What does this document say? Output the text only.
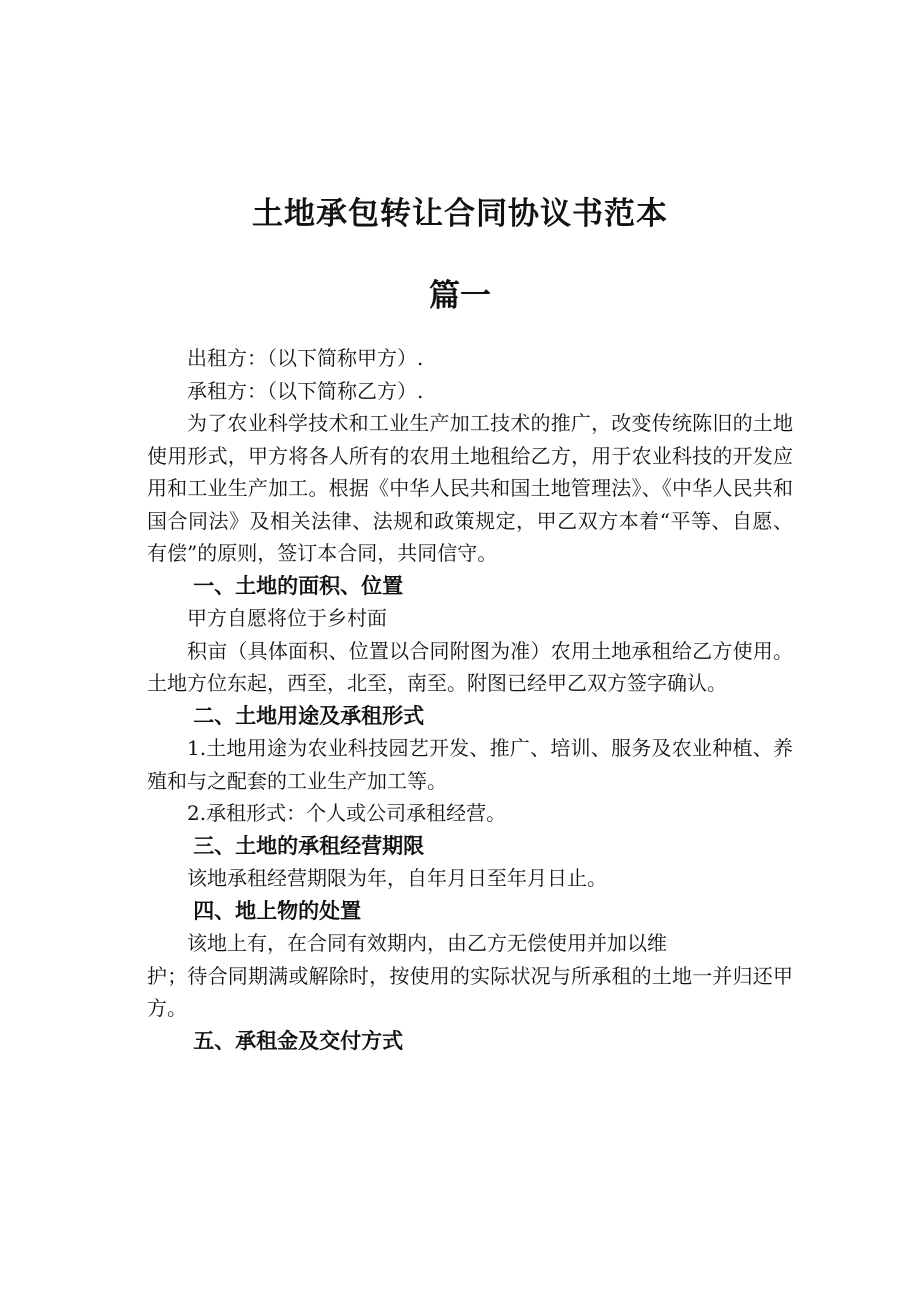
土地承包转让合同协议书范本
篇一

出租方：（以下简称甲方）.

承租方：（以下简称乙方）.

为了农业科学技术和工业生产加工技术的推广，改变传统陈旧的土地使用形式，甲方将各人所有的农用土地租给乙方，用于农业科技的开发应用和工业生产加工。根据《中华人民共和国土地管理法》、《中华人民共和国合同法》及相关法律、法规和政策规定，甲乙双方本着“平等、自愿、有偿”的原则，签订本合同，共同信守。

一、土地的面积、位置

甲方自愿将位于乡村面

积亩（具体面积、位置以合同附图为准）农用土地承租给乙方使用。土地方位东起，西至，北至，南至。附图已经甲乙双方签字确认。

二、土地用途及承租形式

1.土地用途为农业科技园艺开发、推广、培训、服务及农业种植、养殖和与之配套的工业生产加工等。

2.承租形式：个人或公司承租经营。

三、土地的承租经营期限

该地承租经营期限为年，自年月日至年月日止。

四、地上物的处置

该地上有，在合同有效期内，由乙方无偿使用并加以维

护；待合同期满或解除时，按使用的实际状况与所承租的土地一并归还甲方。

五、承租金及交付方式
